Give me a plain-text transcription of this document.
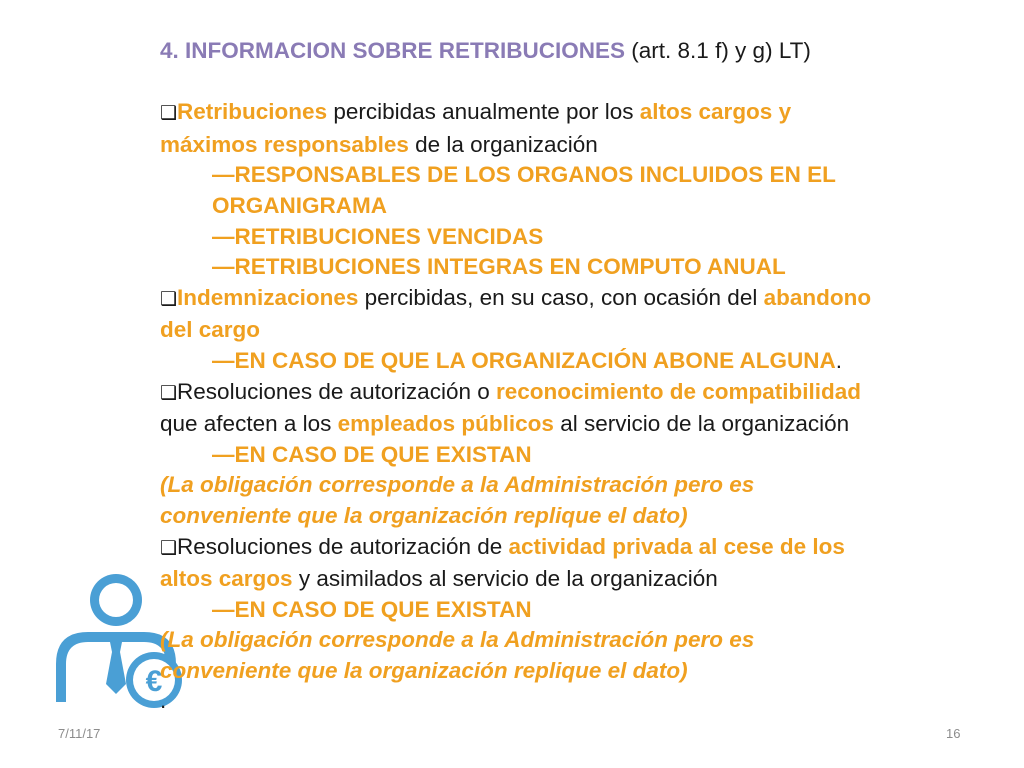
€
4. INFORMACION SOBRE RETRIBUCIONES (art. 8.1 f) y g) LT)
❑Retribuciones percibidas anualmente por los altos cargos y
máximos responsables de la organización
—RESPONSABLES DE LOS ORGANOS INCLUIDOS EN EL
ORGANIGRAMA
—RETRIBUCIONES VENCIDAS
—RETRIBUCIONES INTEGRAS EN COMPUTO ANUAL
❑Indemnizaciones percibidas, en su caso, con ocasión del abandono
del cargo
—EN CASO DE QUE LA ORGANIZACIÓN ABONE ALGUNA.
❑Resoluciones de autorización o reconocimiento de compatibilidad
que afecten a los empleados públicos al servicio de la organización
—EN CASO DE QUE EXISTAN
(La obligación corresponde a la Administración pero es
conveniente que la organización replique el dato)
❑Resoluciones de autorización de actividad privada al cese de los
altos cargos y asimilados al servicio de la organización
—EN CASO DE QUE EXISTAN
(La obligación corresponde a la Administración pero es
conveniente que la organización replique el dato)
.
7/11/17	16
